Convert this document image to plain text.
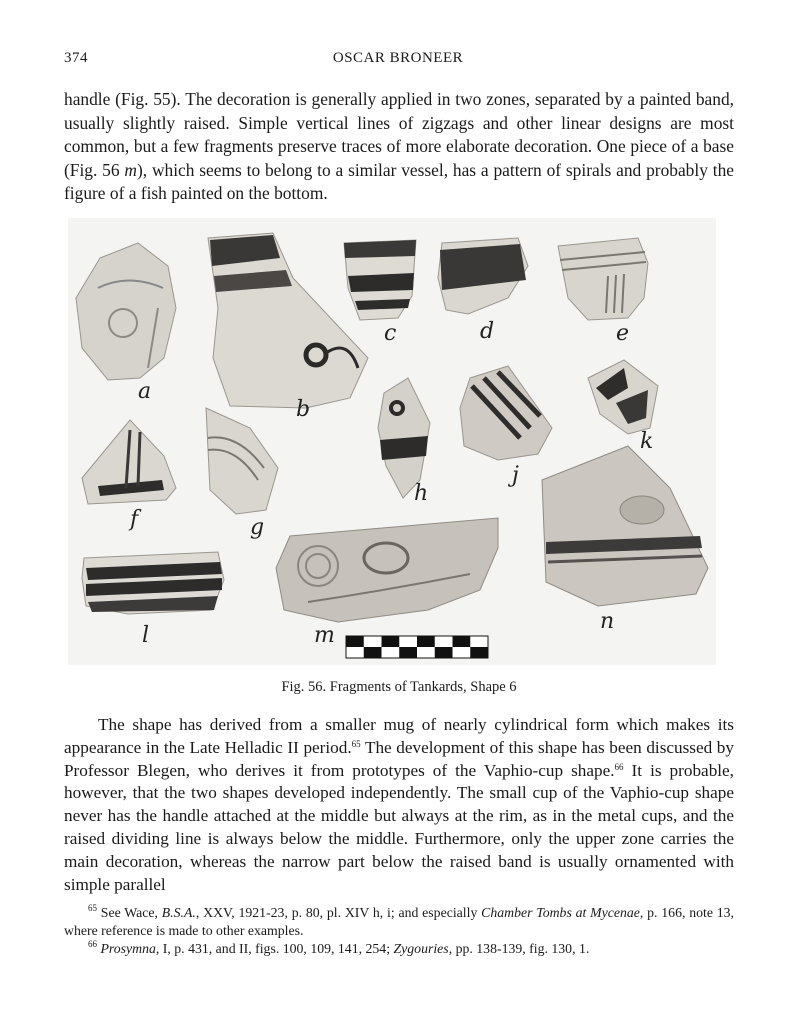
374	OSCAR BRONEER

handle (Fig. 55). The decoration is generally applied in two zones, separated by a painted band, usually slightly raised. Simple vertical lines of zigzags and other linear designs are most common, but a few fragments preserve traces of more elaborate decoration. One piece of a base (Fig. 56 m), which seems to belong to a similar vessel, has a pattern of spirals and probably the figure of a fish painted on the bottom.

a
b
c	d	e
f	g
h
j
k
l	m
n
Fig. 56. Fragments of Tankards, Shape 6

The shape has derived from a smaller mug of nearly cylindrical form which makes its appearance in the Late Helladic II period.$^{65}$ The development of this shape has been discussed by Professor Blegen, who derives it from prototypes of the Vaphio-cup shape.$^{66}$ It is probable, however, that the two shapes developed independently. The small cup of the Vaphio-cup shape never has the handle attached at the middle but always at the rim, as in the metal cups, and the raised dividing line is always below the middle. Furthermore, only the upper zone carries the main decoration, whereas the narrow part below the raised band is usually ornamented with simple parallel

$^{65}$ See Wace, B.S.A., XXV, 1921-23, p. 80, pl. XIV h, i; and especially Chamber Tombs at Mycenae, p. 166, note 13, where reference is made to other examples.

$^{66}$ Prosymna, I, p. 431, and II, figs. 100, 109, 141, 254; Zygouries, pp. 138-139, fig. 130, 1.
